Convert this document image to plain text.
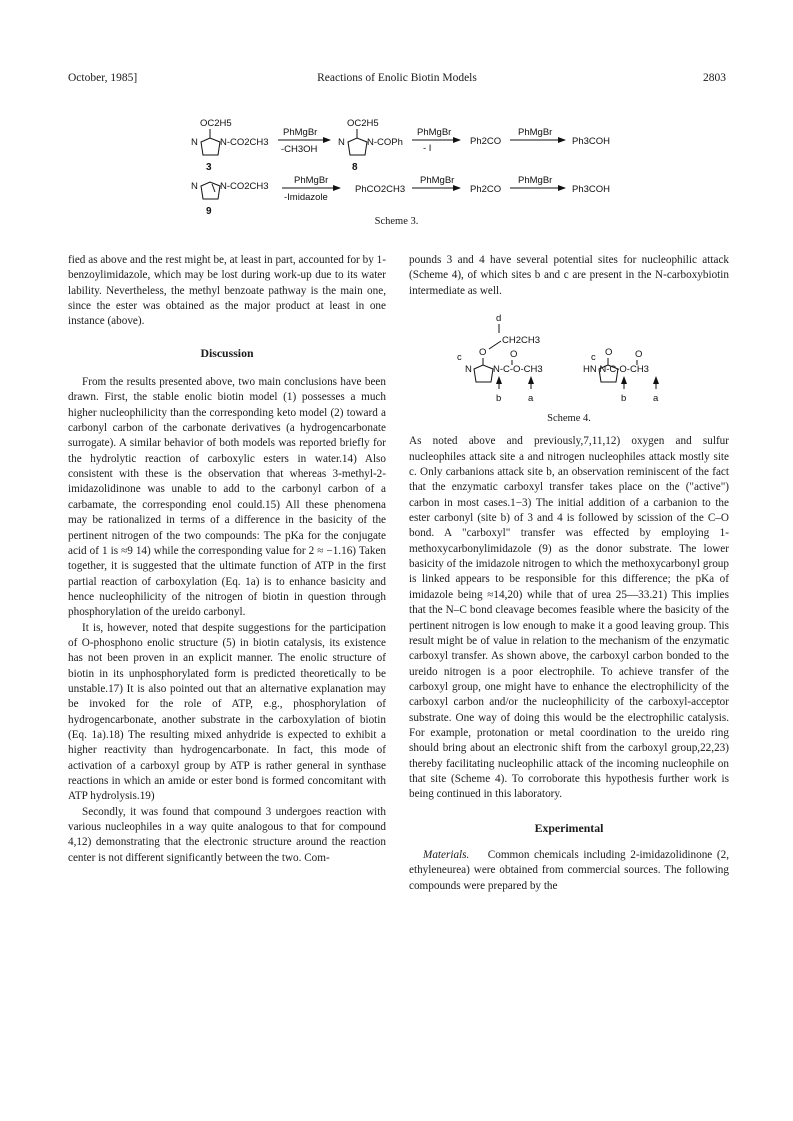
October, 1985]	Reactions of Enolic Biotin Models	2803
OC2H5
N N-CO2CH3
3
PhMgBr
-CH3OH
OC2H5
N N-COPh
8
PhMgBr
- I
Ph2CO
PhMgBr
Ph3COH
N N-CO2CH3
9
PhMgBr
-Imidazole
PhCO2CH3
PhMgBr
Ph2CO
PhMgBr
Ph3COH
Scheme 3.

fied as above and the rest might be, at least in part, accounted for by 1-benzoylimidazole, which may be lost during work-up due to its water lability. Nevertheless, the methyl benzoate pathway is the main one, since the ester was obtained as the major product at least in one instance (above).

Discussion

From the results presented above, two main conclusions have been drawn. First, the stable enolic biotin model (1) possesses a much higher nucleophilicity than the corresponding keto model (2) toward a carbonyl carbon of the carbonate derivatives (a hydrogencarbonate surrogate). A similar behavior of both models was reported briefly for the hydrolytic reaction of carboxylic esters in water.14) Also consistent with these is the observation that whereas 3-methyl-2-imidazolidinone was unable to add to the carbonyl carbon of a carbamate, the corresponding enol could.15) All these phenomena may be rationalized in terms of a difference in the basicity of the pertinent nitrogen of the two compounds: The pKa for the conjugate acid of 1 is ≈9 14) while the corresponding value for 2 ≈ −1.16) Taken together, it is suggested that the ultimate function of ATP in the first partial reaction of carboxylation (Eq. 1a) is to enhance basicity and hence nucleophilicity of the nitrogen of biotin in question through phosphorylation of the ureido carbonyl.

It is, however, noted that despite suggestions for the participation of O-phosphono enolic structure (5) in biotin catalysis, its existence has not been proven in an explicit manner. The enolic structure of biotin in its unphosphorylated form is predicted theoretically to be unstable.17) It is also pointed out that an alternative explanation may be invoked for the role of ATP, e.g., phosphorylation of hydrogencarbonate, another substrate in the carboxylation of biotin (Eq. 1a).18) The resulting mixed anhydride is expected to exhibit a higher reactivity than hydrogencarbonate. In fact, this mode of activation of a carboxyl group by ATP is rather general in synthase reactions in which an amide or ester bond is formed concomitant with ATP hydrolysis.19)

Secondly, it was found that compound 3 undergoes reaction with various nucleophiles in a way quite analogous to that for compound 4,12) demonstrating that the electronic structure around the reaction center is not different significantly between the two. Com-

pounds 3 and 4 have several potential sites for nucleophilic attack (Scheme 4), of which sites b and c are present in the N-carboxybiotin intermediate as well.

d
CH2CH3
c O
N
O
N-C-O-CH3
b	a
c O O
HN N-C-O-CH3
b	a
Scheme 4.

As noted above and previously,7,11,12) oxygen and sulfur nucleophiles attack site a and nitrogen nucleophiles attack mostly site c. Only carbanions attack site b, an observation reminiscent of the fact that the enzymatic carboxyl transfer takes place on the ("active") carbon in most cases.1−3) The initial addition of a carbanion to the ester carbonyl (site b) of 3 and 4 is followed by scission of the C–O bond. A "carboxyl" transfer was effected by employing 1-methoxycarbonylimidazole (9) as the donor substrate. The lower basicity of the imidazole nitrogen to which the methoxycarbonyl group is linked appears to be responsible for this difference; the pKa of imidazole being ≈14,20) while that of urea 25—33.21) This implies that the N–C bond cleavage becomes feasible where the basicity of the pertinent nitrogen is low enough to make it a good leaving group. This result might be of value in relation to the mechanism of the enzymatic carboxyl transfer. As shown above, the carboxyl carbon bonded to the ureido nitrogen is a poor electrophile. To achieve transfer of the carboxyl group, one might have to enhance the electrophilicity of the carboxyl carbon and/or the nucleophilicity of the carboxyl-acceptor substrate. One way of doing this would be the electrophilic catalysis. For example, protonation or metal coordination to the ureido ring should bring about an electronic shift from the carboxyl group,22,23) thereby facilitating nucleophilic attack of the incoming nucleophile on that site (Scheme 4). To corroborate this hypothesis further work is being continued in this laboratory.

Experimental

Materials. Common chemicals including 2-imidazolidinone (2, ethyleneurea) were obtained from commercial sources. The following compounds were prepared by the
